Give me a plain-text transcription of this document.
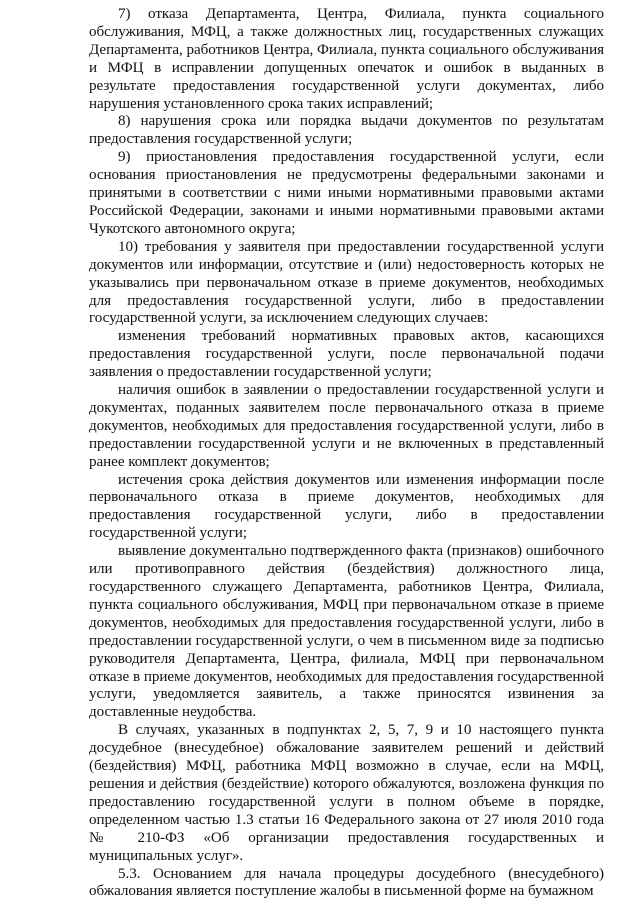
7) отказа Департамента, Центра, Филиала, пункта социального обслуживания, МФЦ, а также должностных лиц, государственных служащих Департамента, работников Центра, Филиала, пункта социального обслуживания и МФЦ в исправлении допущенных опечаток и ошибок в выданных в результате предоставления государственной услуги документах, либо нарушения установленного срока таких исправлений;

8) нарушения срока или порядка выдачи документов по результатам предоставления государственной услуги;

9) приостановления предоставления государственной услуги, если основания приостановления не предусмотрены федеральными законами и принятыми в соответствии с ними иными нормативными правовыми актами Российской Федерации, законами и иными нормативными правовыми актами Чукотского автономного округа;

10) требования у заявителя при предоставлении государственной услуги документов или информации, отсутствие и (или) недостоверность которых не указывались при первоначальном отказе в приеме документов, необходимых для предоставления государственной услуги, либо в предоставлении государственной услуги, за исключением следующих случаев:

изменения требований нормативных правовых актов, касающихся предоставления государственной услуги, после первоначальной подачи заявления о предоставлении государственной услуги;

наличия ошибок в заявлении о предоставлении государственной услуги и документах, поданных заявителем после первоначального отказа в приеме документов, необходимых для предоставления государственной услуги, либо в предоставлении государственной услуги и не включенных в представленный ранее комплект документов;

истечения срока действия документов или изменения информации после первоначального отказа в приеме документов, необходимых для предоставления государственной услуги, либо в предоставлении государственной услуги;

выявление документально подтвержденного факта (признаков) ошибочного или противоправного действия (бездействия) должностного лица, государственного служащего Департамента, работников Центра, Филиала, пункта социального обслуживания, МФЦ при первоначальном отказе в приеме документов, необходимых для предоставления государственной услуги, либо в предоставлении государственной услуги, о чем в письменном виде за подписью руководителя Департамента, Центра, филиала, МФЦ при первоначальном отказе в приеме документов, необходимых для предоставления государственной услуги, уведомляется заявитель, а также приносятся извинения за доставленные неудобства.

В случаях, указанных в подпунктах 2, 5, 7, 9 и 10 настоящего пункта досудебное (внесудебное) обжалование заявителем решений и действий (бездействия) МФЦ, работника МФЦ возможно в случае, если на МФЦ, решения и действия (бездействие) которого обжалуются, возложена функция по предоставлению государственной услуги в полном объеме в порядке, определенном частью 1.3 статьи 16 Федерального закона от 27 июля 2010 года № 210-ФЗ «Об организации предоставления государственных и муниципальных услуг».

5.3. Основанием для начала процедуры досудебного (внесудебного) обжалования является поступление жалобы в письменной форме на бумажном
